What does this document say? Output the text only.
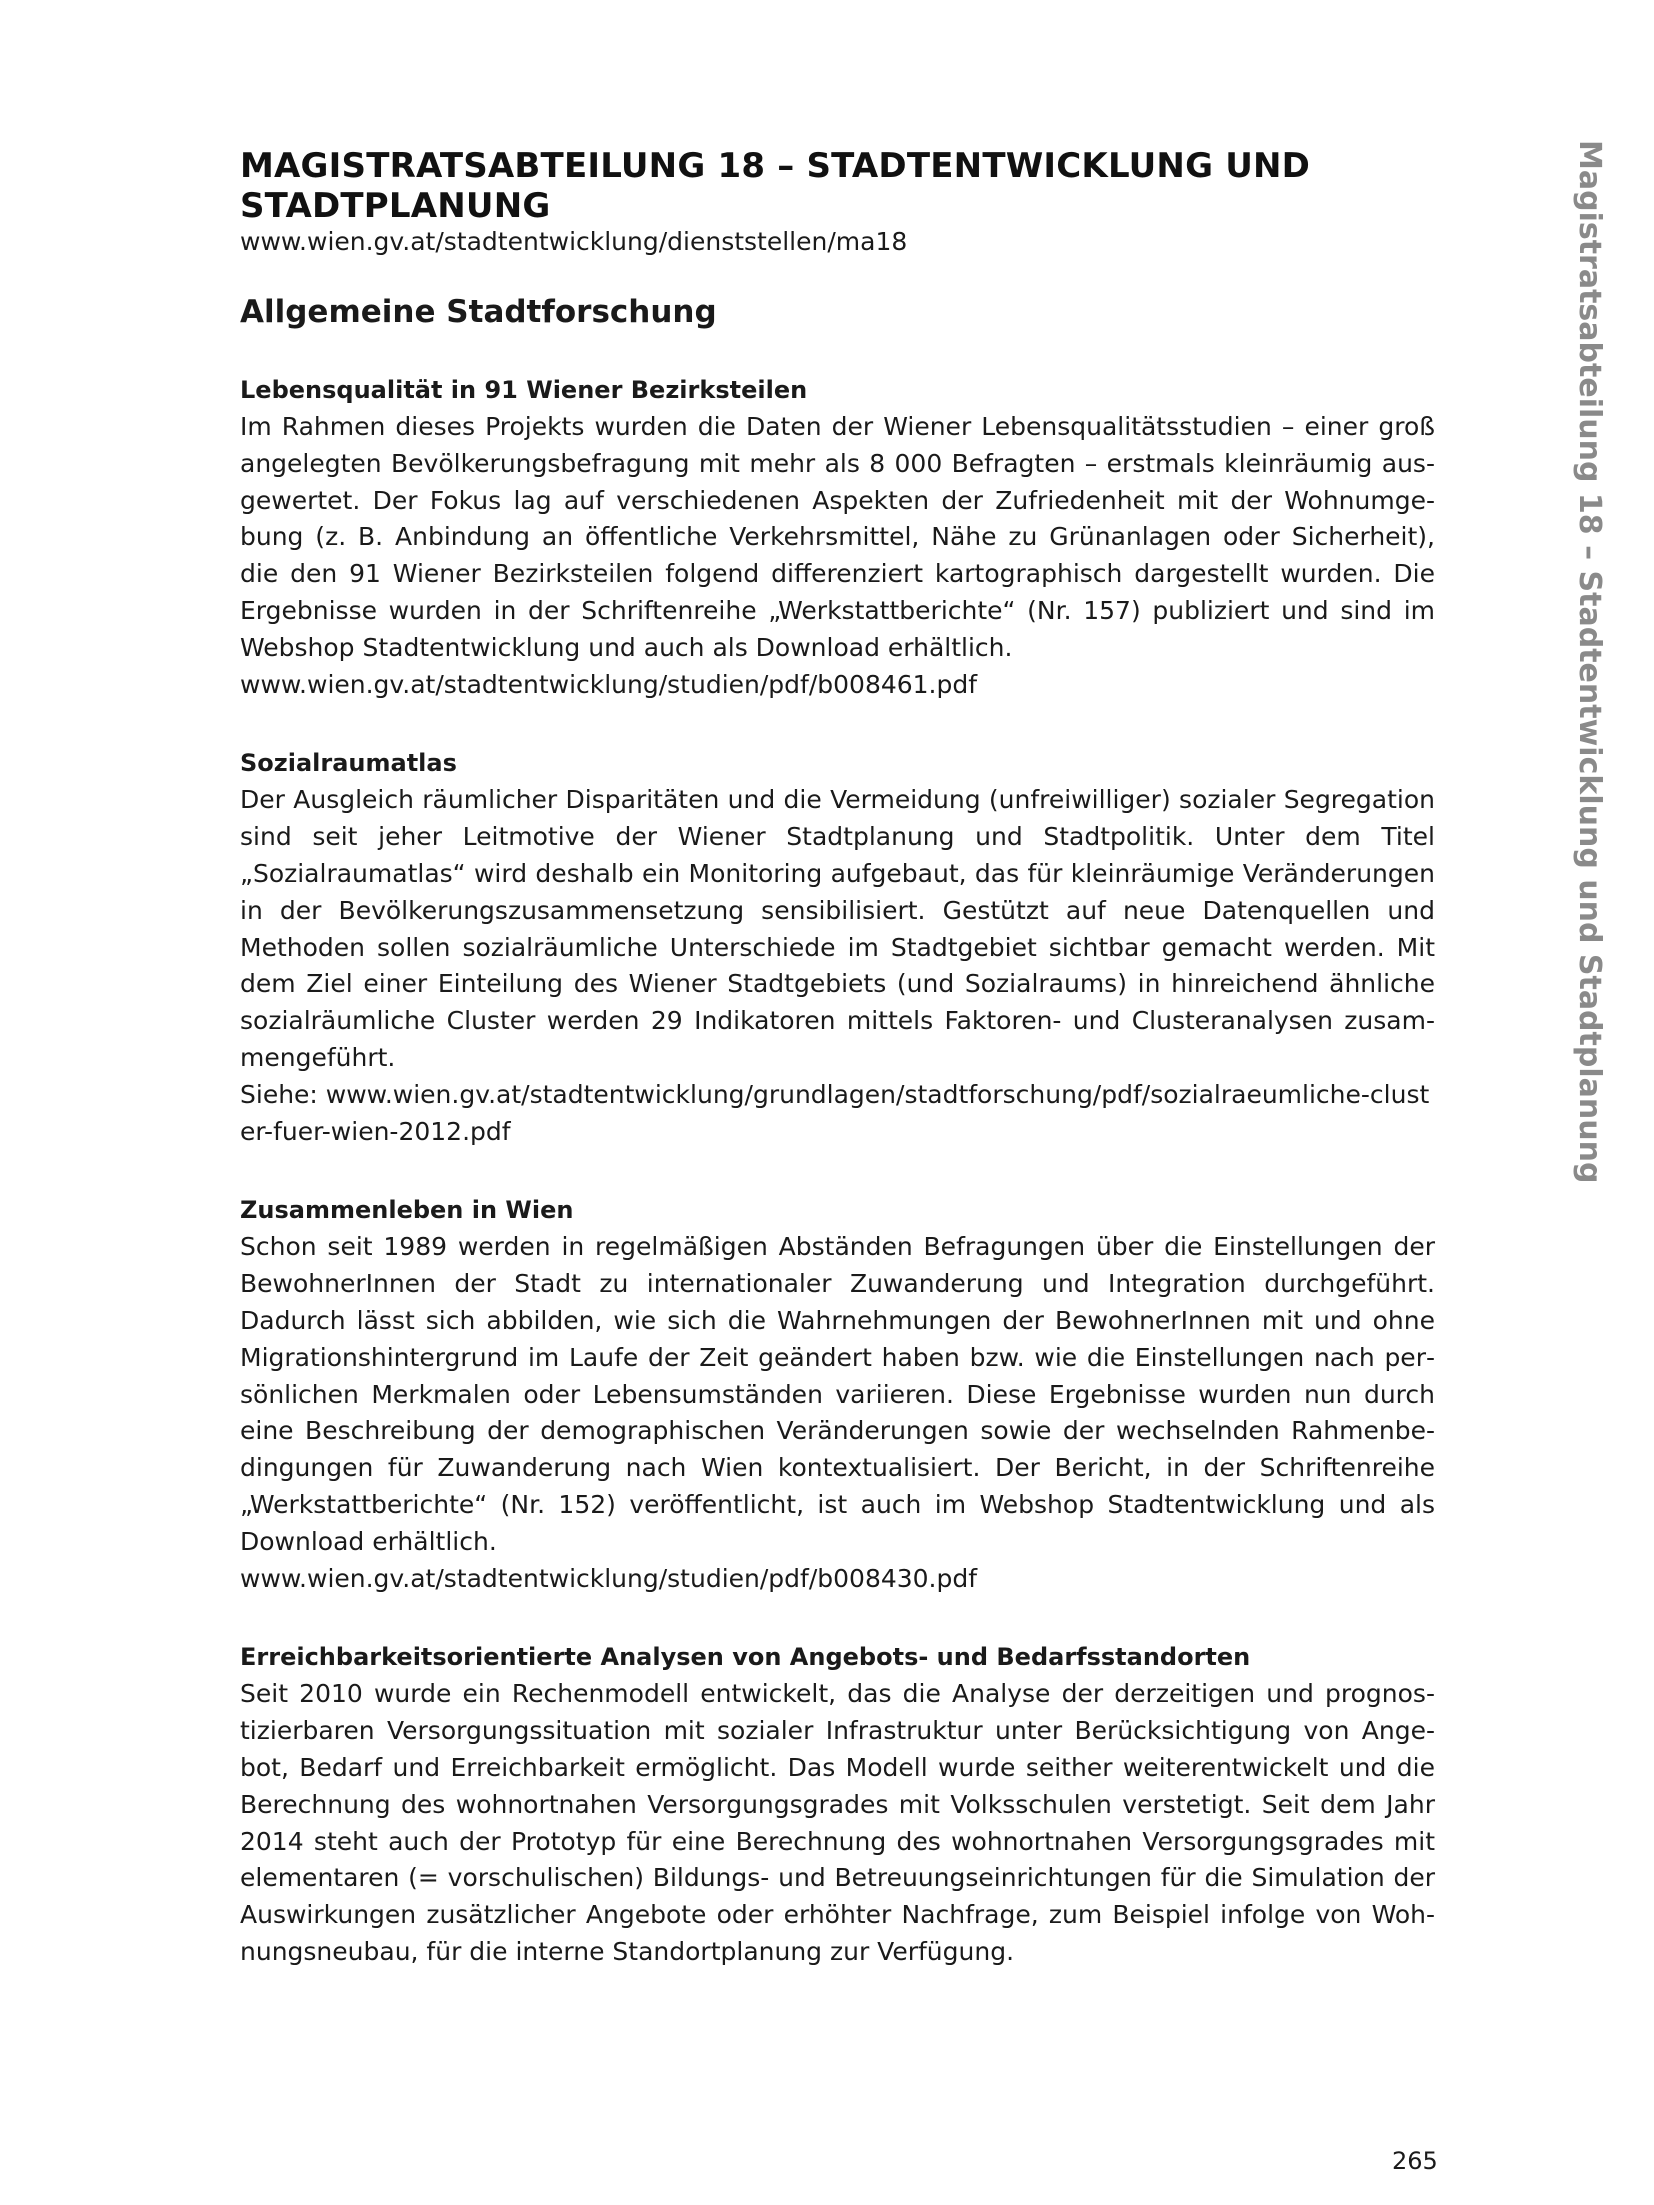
MAGISTRATSABTEILUNG 18 – STADTENTWICKLUNG UND STADTPLANUNG

www.wien.gv.at/stadtentwicklung/dienststellen/ma18

Allgemeine Stadtforschung
Lebensqualität in 91 Wiener Bezirksteilen

Im Rahmen dieses Projekts wurden die Daten der Wiener Lebensqualitätsstudien – einer groß angelegten Bevölkerungsbefragung mit mehr als 8 000 Befragten – erstmals kleinräumig ausgewertet. Der Fokus lag auf verschiedenen Aspekten der Zufriedenheit mit der Wohnumgebung (z. B. Anbindung an öffentliche Verkehrsmittel, Nähe zu Grünanlagen oder Sicherheit), die den 91 Wiener Bezirksteilen folgend differenziert kartographisch dargestellt wurden. Die Ergebnisse wurden in der Schriftenreihe „Werkstattberichte“ (Nr. 157) publiziert und sind im Webshop Stadtentwicklung und auch als Download erhältlich.

www.wien.gv.at/stadtentwicklung/studien/pdf/b008461.pdf

Sozialraumatlas

Der Ausgleich räumlicher Disparitäten und die Vermeidung (unfreiwilliger) sozialer Segregation sind seit jeher Leitmotive der Wiener Stadtplanung und Stadtpolitik. Unter dem Titel „Sozialraumatlas“ wird deshalb ein Monitoring aufgebaut, das für kleinräumige Veränderungen in der Bevölkerungszusammensetzung sensibilisiert. Gestützt auf neue Datenquellen und Methoden sollen sozialräumliche Unterschiede im Stadtgebiet sichtbar gemacht werden. Mit dem Ziel einer Einteilung des Wiener Stadtgebiets (und Sozialraums) in hinreichend ähnliche sozialräumliche Cluster werden 29 Indikatoren mittels Faktoren- und Clusteranalysen zusammengeführt.

Siehe: www.wien.gv.at/stadtentwicklung/grundlagen/stadtforschung/pdf/sozialraeumliche-cluster-fuer-wien-2012.pdf

Zusammenleben in Wien

Schon seit 1989 werden in regelmäßigen Abständen Befragungen über die Einstellungen der BewohnerInnen der Stadt zu internationaler Zuwanderung und Integration durchgeführt. Dadurch lässt sich abbilden, wie sich die Wahrnehmungen der BewohnerInnen mit und ohne Migrationshintergrund im Laufe der Zeit geändert haben bzw. wie die Einstellungen nach persönlichen Merkmalen oder Lebensumständen variieren. Diese Ergebnisse wurden nun durch eine Beschreibung der demographischen Veränderungen sowie der wechselnden Rahmenbedingungen für Zuwanderung nach Wien kontextualisiert. Der Bericht, in der Schriftenreihe „Werkstattberichte“ (Nr. 152) veröffentlicht, ist auch im Webshop Stadtentwicklung und als Download erhältlich.

www.wien.gv.at/stadtentwicklung/studien/pdf/b008430.pdf

Erreichbarkeitsorientierte Analysen von Angebots- und Bedarfsstandorten

Seit 2010 wurde ein Rechenmodell entwickelt, das die Analyse der derzeitigen und prognostizierbaren Versorgungssituation mit sozialer Infrastruktur unter Berücksichtigung von Angebot, Bedarf und Erreichbarkeit ermöglicht. Das Modell wurde seither weiterentwickelt und die Berechnung des wohnortnahen Versorgungsgrades mit Volksschulen verstetigt. Seit dem Jahr 2014 steht auch der Prototyp für eine Berechnung des wohnortnahen Versorgungsgrades mit elementaren (= vorschulischen) Bildungs- und Betreuungseinrichtungen für die Simulation der Auswirkungen zusätzlicher Angebote oder erhöhter Nachfrage, zum Beispiel infolge von Wohnungsneubau, für die interne Standortplanung zur Verfügung.

Magistratsabteilung 18 – Stadtentwicklung und Stadtplanung
265
